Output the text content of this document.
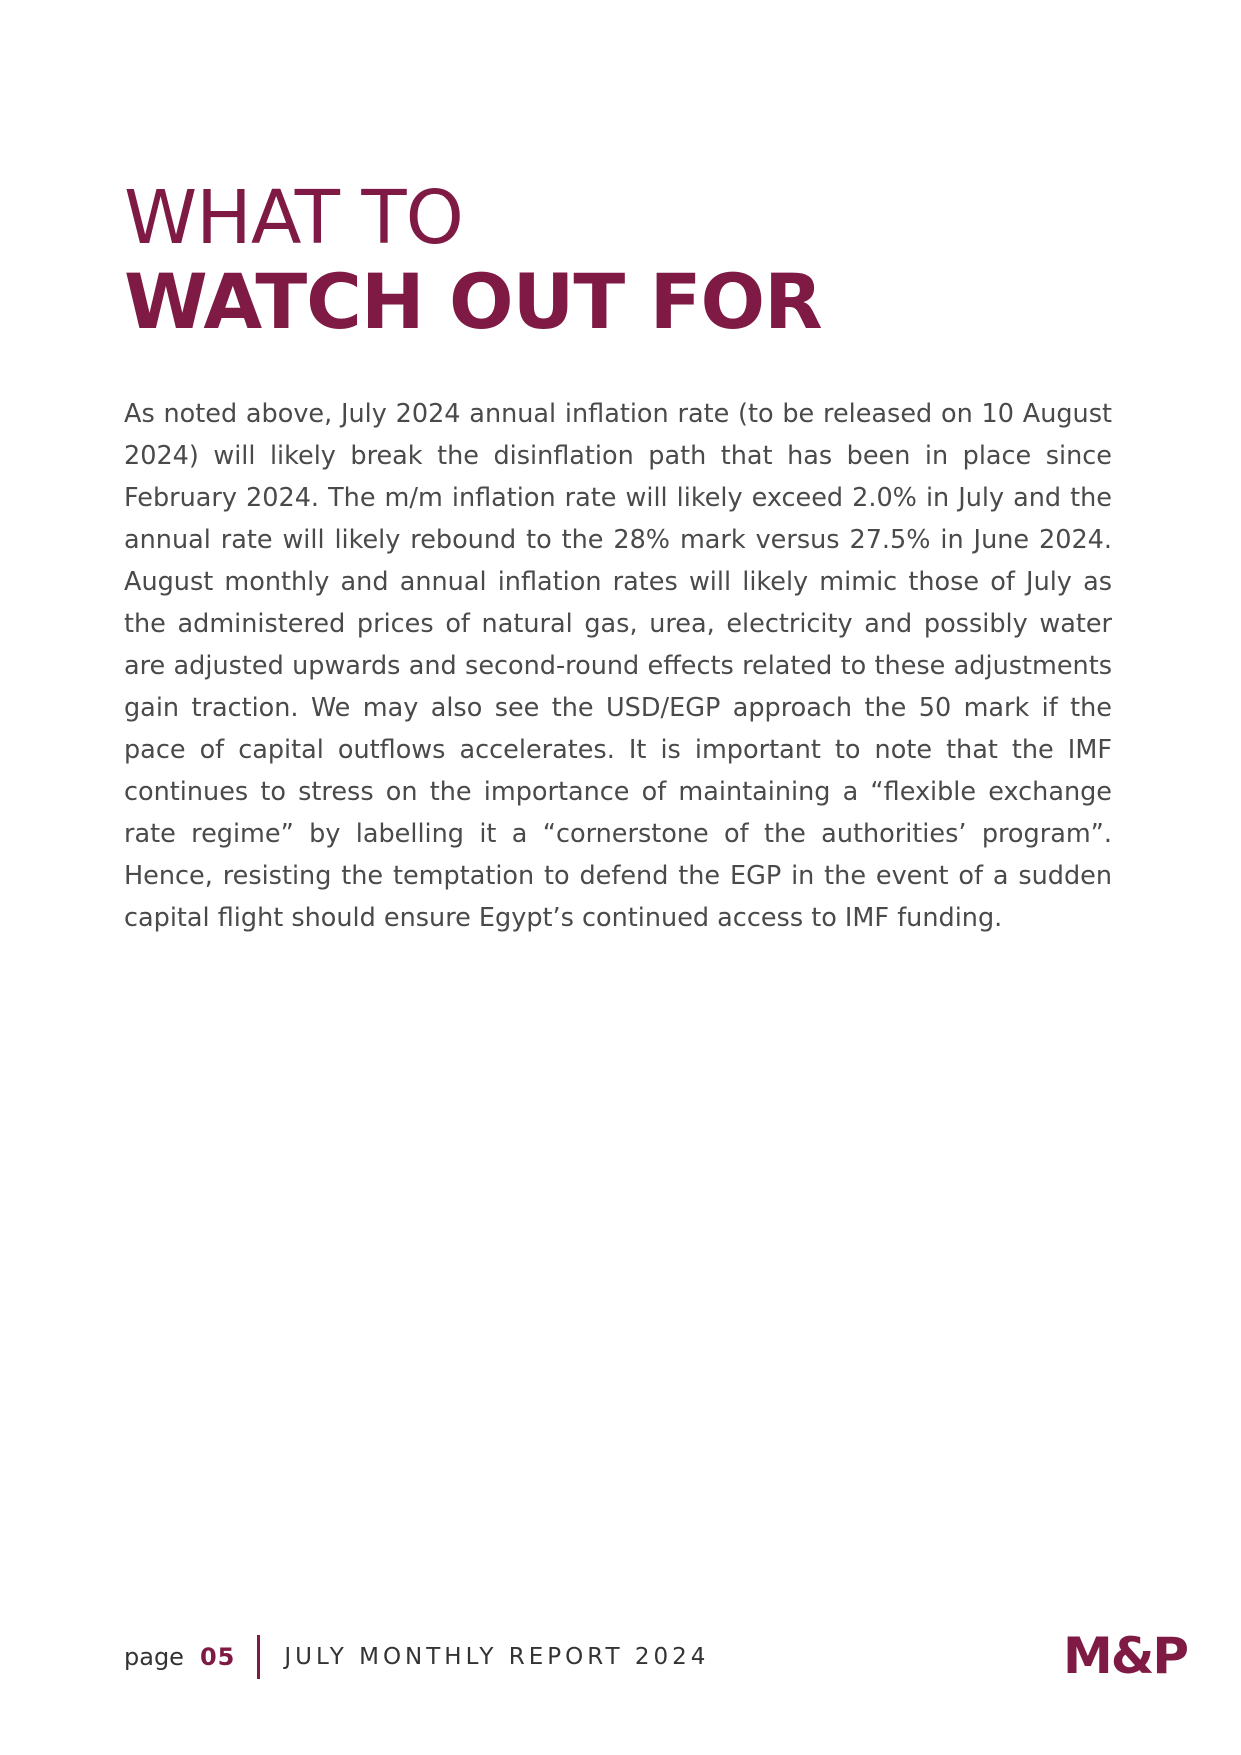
WHAT TO
WATCH OUT FOR

As noted above, July 2024 annual inflation rate (to be released on 10 August 2024) will likely break the disinflation path that has been in place since February 2024. The m/m inflation rate will likely exceed 2.0% in July and the annual rate will likely rebound to the 28% mark versus 27.5% in June 2024. August monthly and annual inflation rates will likely mimic those of July as the administered prices of natural gas, urea, electricity and possibly water are adjusted upwards and second-round effects related to these adjustments gain traction. We may also see the USD/EGP approach the 50 mark if the pace of capital outflows accelerates. It is important to note that the IMF continues to stress on the importance of maintaining a “flexible exchange rate regime” by labelling it a “cornerstone of the authorities’ program”. Hence, resisting the temptation to defend the EGP in the event of a sudden capital flight should ensure Egypt’s continued access to IMF funding.

page 05 JULY MONTHLY REPORT 2024	M&P
